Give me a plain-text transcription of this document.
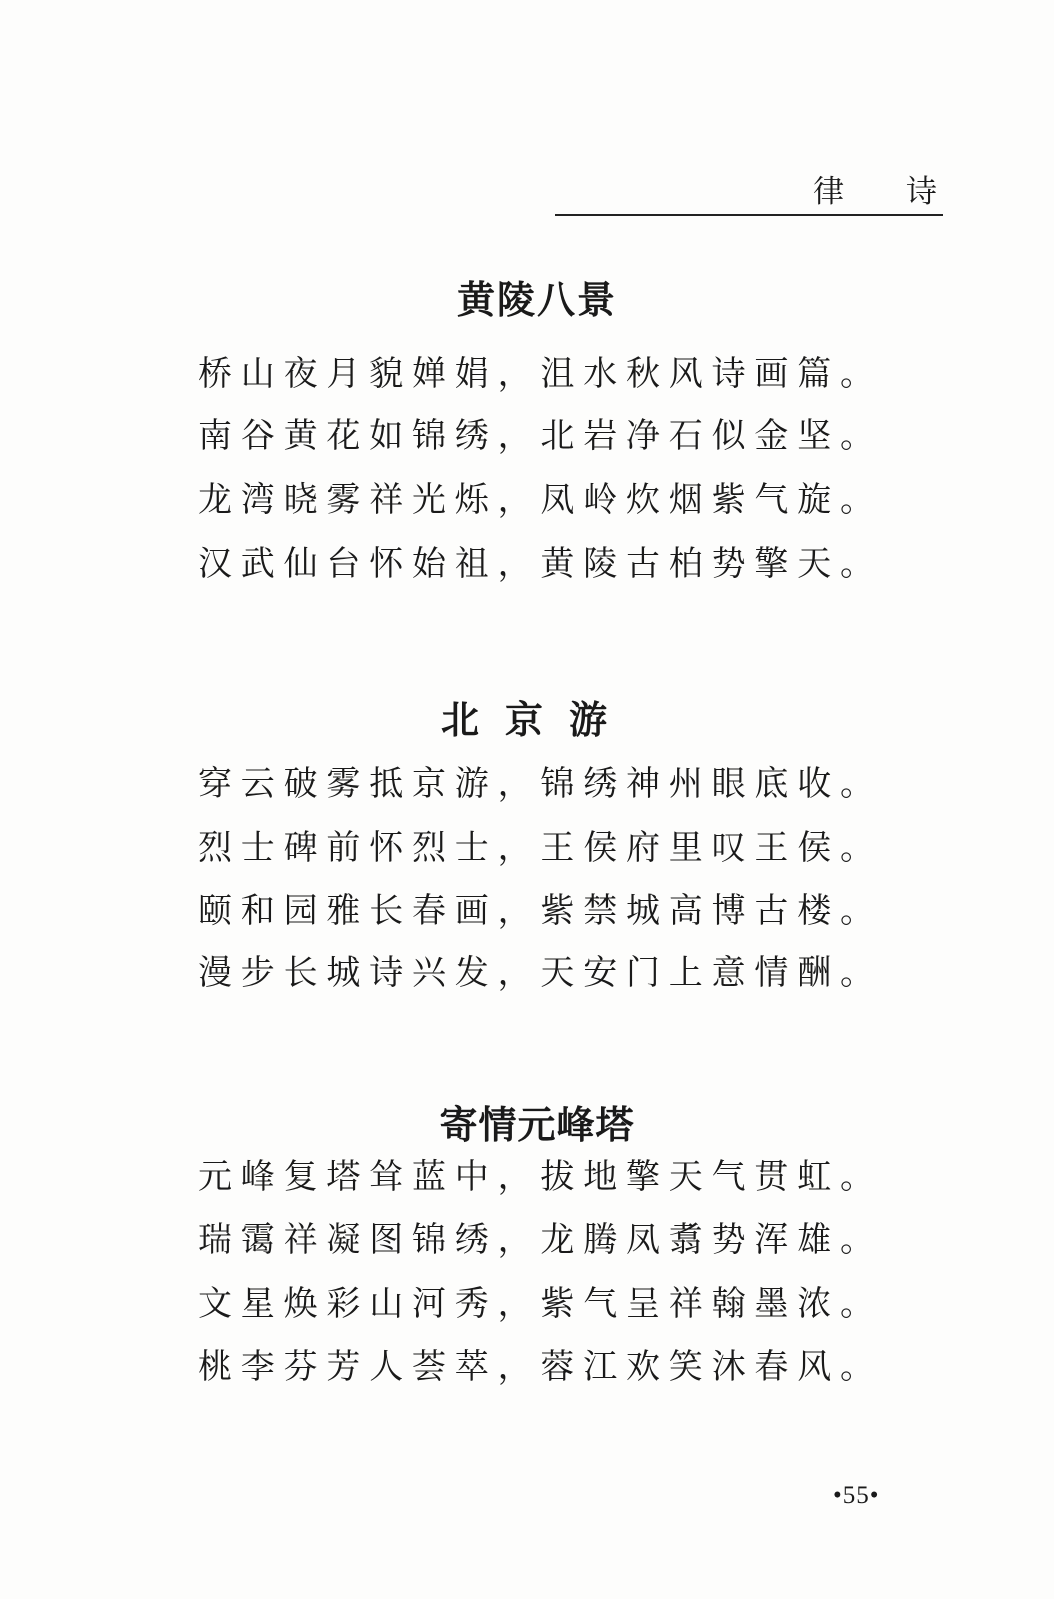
律 诗
黄陵八景
桥山夜月貌婵娟，沮水秋风诗画篇。
南谷黄花如锦绣，北岩净石似金坚。
龙湾晓雾祥光烁，凤岭炊烟紫气旋。
汉武仙台怀始祖，黄陵古柏势擎天。
北京游
穿云破雾抵京游，锦绣神州眼底收。
烈士碑前怀烈士，王侯府里叹王侯。
颐和园雅长春画，紫禁城高博古楼。
漫步长城诗兴发，天安门上意情酬。
寄情元峰塔
元峰复塔耸蓝中，拔地擎天气贯虹。
瑞霭祥凝图锦绣，龙腾凤翥势浑雄。
文星焕彩山河秀，紫气呈祥翰墨浓。
桃李芬芳人荟萃，蓉江欢笑沐春风。
•55•
